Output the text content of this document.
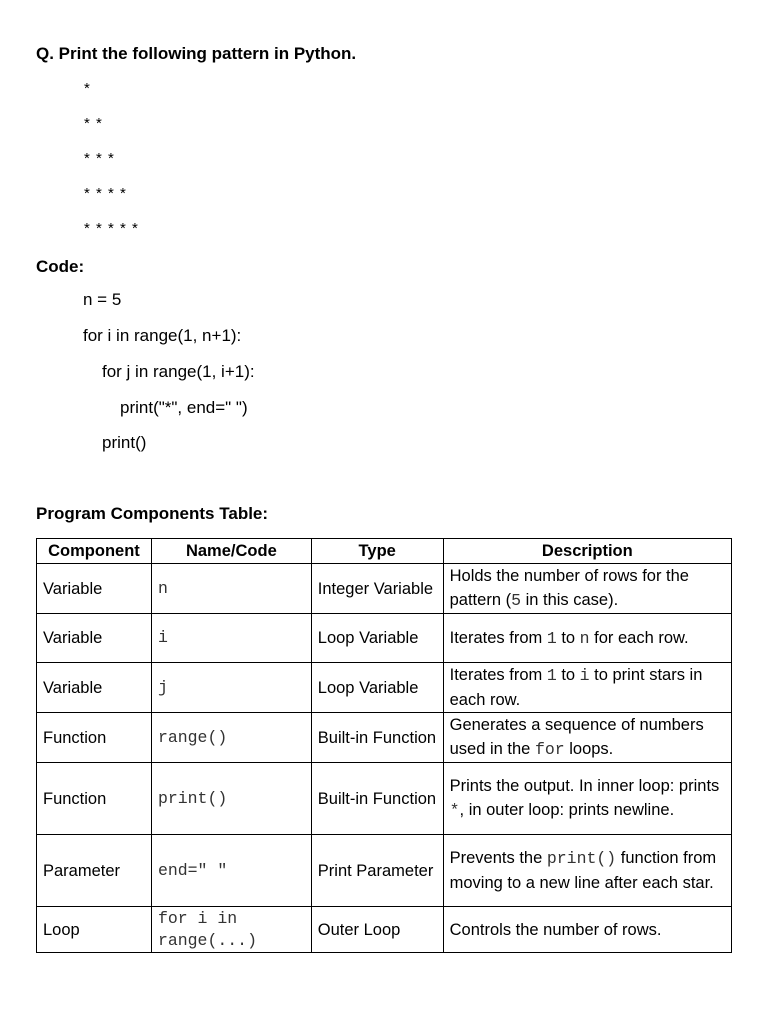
Q. Print the following pattern in Python.
*
* *
* * *
* * * *
* * * * *
Code:
n = 5
for i in range(1, n+1):
for j in range(1, i+1):
print("*", end=" ")
print()
Program Components Table:
Component	Name/Code	Type	Description
Variable	n	Integer Variable	Holds the number of rows for the pattern (5 in this case).
Variable	i	Loop Variable	Iterates from 1 to n for each row.
Variable	j	Loop Variable	Iterates from 1 to i to print stars in each row.
Function	range()	Built-in Function	Generates a sequence of numbers used in the for loops.
Function	print()	Built-in Function	Prints the output. In inner loop: prints *, in outer loop: prints newline.
Parameter	end=" "	Print Parameter	Prevents the print() function from moving to a new line after each star.
Loop	for i in range(...)	Outer Loop	Controls the number of rows.
